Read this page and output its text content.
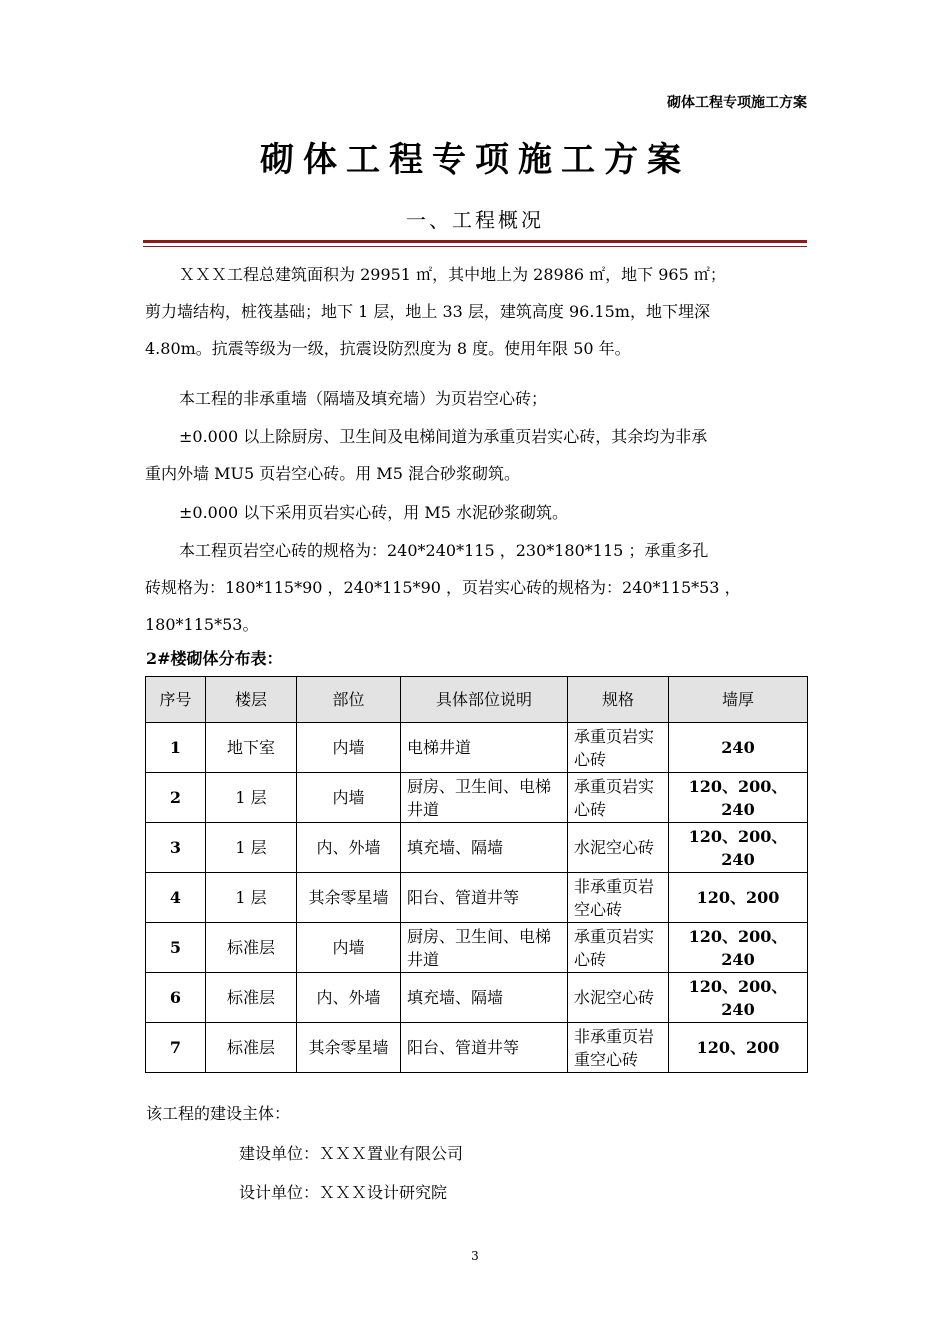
砌体工程专项施工方案
砌体工程专项施工方案
一、工程概况

ＸＸＸ工程总建筑面积为 29951 ㎡，其中地上为 28986 ㎡，地下 965 ㎡；

剪力墙结构，桩筏基础；地下 1 层，地上 33 层，建筑高度 96.15m，地下埋深

4.80m。抗震等级为一级，抗震设防烈度为 8 度。使用年限 50 年。

本工程的非承重墙（隔墙及填充墙）为页岩空心砖；

±0.000 以上除厨房、卫生间及电梯间道为承重页岩实心砖，其余均为非承

重内外墙 MU5 页岩空心砖。用 M5 混合砂浆砌筑。

±0.000 以下采用页岩实心砖，用 M5 水泥砂浆砌筑。

本工程页岩空心砖的规格为：240*240*115 ，230*180*115 ；承重多孔

砖规格为：180*115*90 ，240*115*90 ，页岩实心砖的规格为：240*115*53 ，

180*115*53。

2#楼砌体分布表：
序号	楼层	部位	具体部位说明	规格	墙厚
1	地下室	内墙	电梯井道	承重页岩实心砖	240
2	1 层	内墙	厨房、卫生间、电梯井道	承重页岩实心砖	120、200、240
3	1 层	内、外墙	填充墙、隔墙	水泥空心砖	120、200、240
4	1 层	其余零星墙	阳台、管道井等	非承重页岩空心砖	120、200
5	标准层	内墙	厨房、卫生间、电梯井道	承重页岩实心砖	120、200、240
6	标准层	内、外墙	填充墙、隔墙	水泥空心砖	120、200、240
7	标准层	其余零星墙	阳台、管道井等	非承重页岩重空心砖	120、200
该工程的建设主体：
建设单位：ＸＸＸ置业有限公司
设计单位：ＸＸＸ设计研究院
3
